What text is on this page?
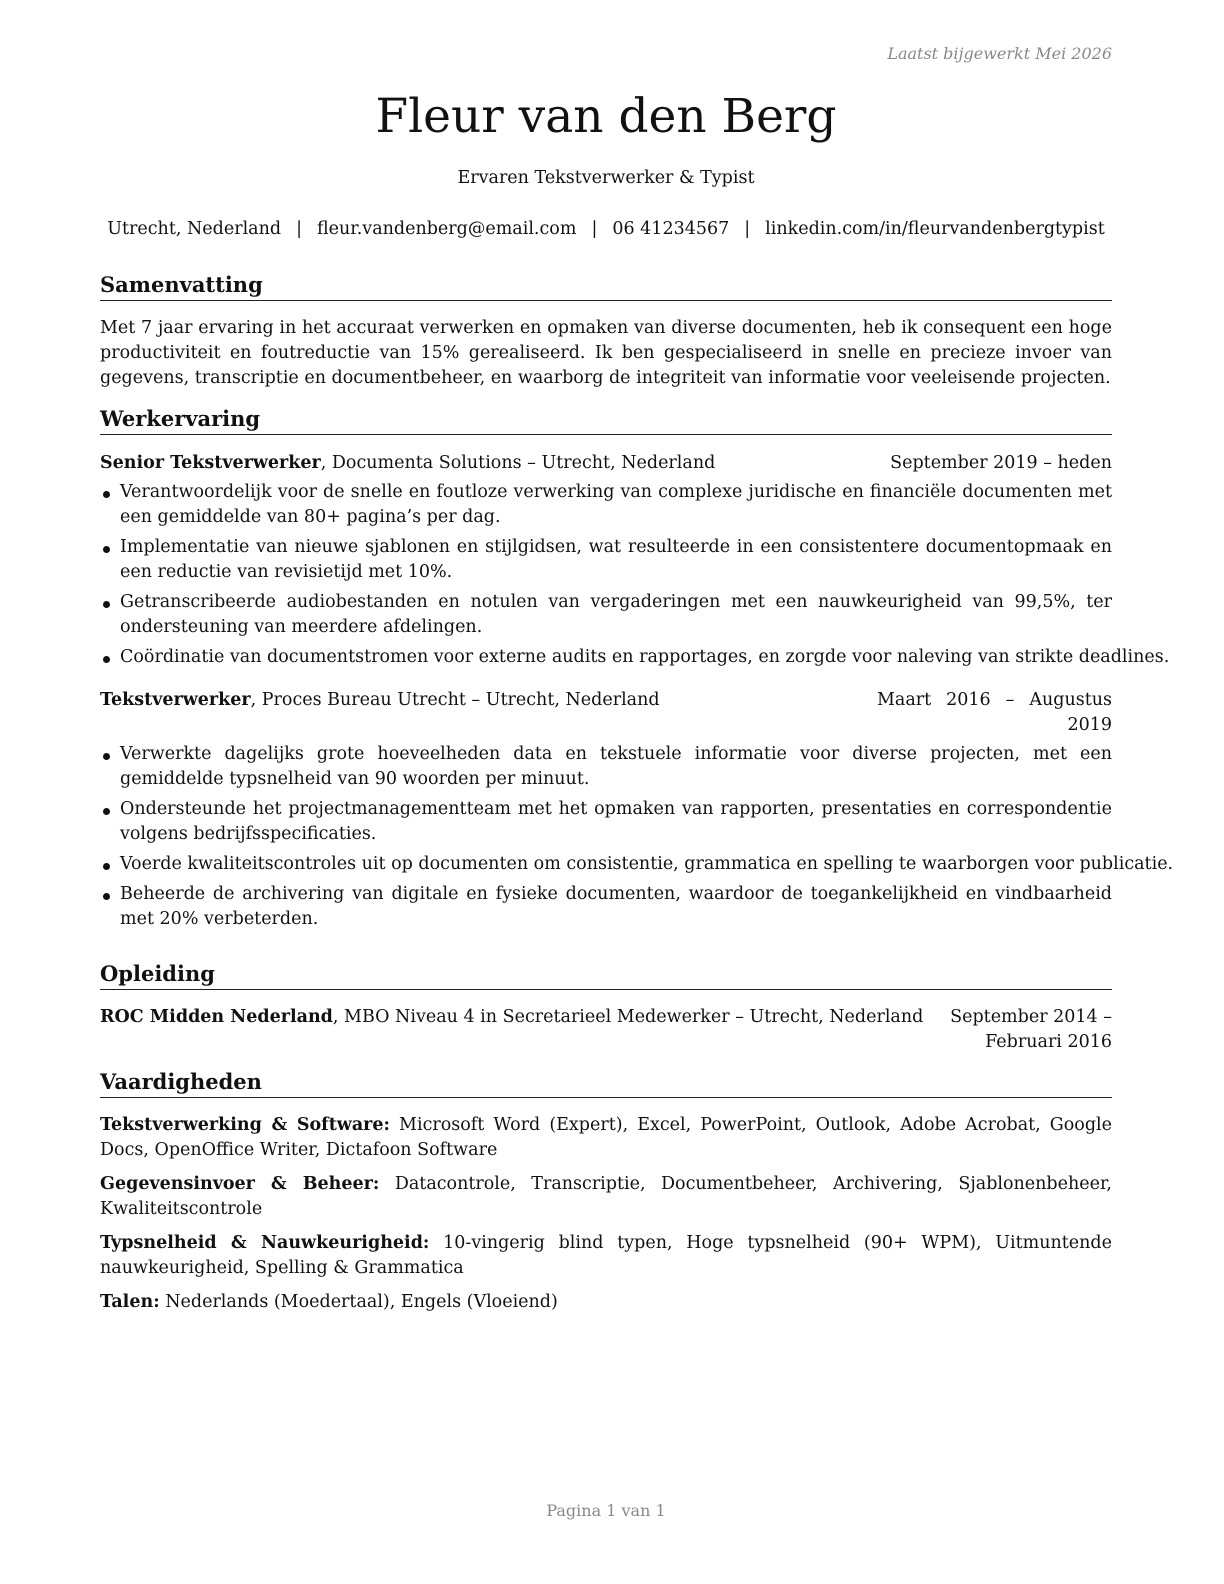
Laatst bijgewerkt Mei 2026
Fleur van den Berg
Ervaren Tekstverwerker & Typist
Utrecht, Nederland | fleur.vandenberg@email.com | 06 41234567 | linkedin.com/in/fleurvandenbergtypist
Samenvatting

Met 7 jaar ervaring in het accuraat verwerken en opmaken van diverse documenten, heb ik consequent een hoge productiviteit en foutreductie van 15% gerealiseerd. Ik ben gespecialiseerd in snelle en precieze invoer van gegevens, transcriptie en documentbeheer, en waarborg de integriteit van informatie voor veeleisende projecten.

Werkervaring
Senior Tekstverwerker, Documenta Solutions – Utrecht, Nederland	September 2019 – heden
Verantwoordelijk voor de snelle en foutloze verwerking van complexe juridische en financiële documenten met een gemiddelde van 80+ pagina’s per dag.
Implementatie van nieuwe sjablonen en stijlgidsen, wat resulteerde in een consistentere documentopmaak en een reductie van revisietijd met 10%.
Getranscribeerde audiobestanden en notulen van vergaderingen met een nauwkeurigheid van 99,5%, ter ondersteuning van meerdere afdelingen.
Coördinatie van documentstromen voor externe audits en rapportages, en zorgde voor naleving van strikte deadlines.
Tekstverwerker, Proces Bureau Utrecht – Utrecht, Nederland	Maart 2016 – Augustus 2019
Verwerkte dagelijks grote hoeveelheden data en tekstuele informatie voor diverse projecten, met een gemiddelde typsnelheid van 90 woorden per minuut.
Ondersteunde het projectmanagementteam met het opmaken van rapporten, presentaties en correspondentie volgens bedrijfsspecificaties.
Voerde kwaliteitscontroles uit op documenten om consistentie, grammatica en spelling te waarborgen voor publicatie.
Beheerde de archivering van digitale en fysieke documenten, waardoor de toegankelijkheid en vindbaarheid met 20% verbeterden.
Opleiding
ROC Midden Nederland, MBO Niveau 4 in Secretarieel Medewerker – Utrecht, Nederland	September 2014 – Februari 2016
Vaardigheden

Tekstverwerking & Software: Microsoft Word (Expert), Excel, PowerPoint, Outlook, Adobe Acrobat, Google Docs, OpenOffice Writer, Dictafoon Software

Gegevensinvoer & Beheer: Datacontrole, Transcriptie, Documentbeheer, Archivering, Sjablonenbeheer, Kwaliteitscontrole

Typsnelheid & Nauwkeurigheid: 10-vingerig blind typen, Hoge typsnelheid (90+ WPM), Uitmuntende nauwkeurigheid, Spelling & Grammatica

Talen: Nederlands (Moedertaal), Engels (Vloeiend)

Pagina 1 van 1
